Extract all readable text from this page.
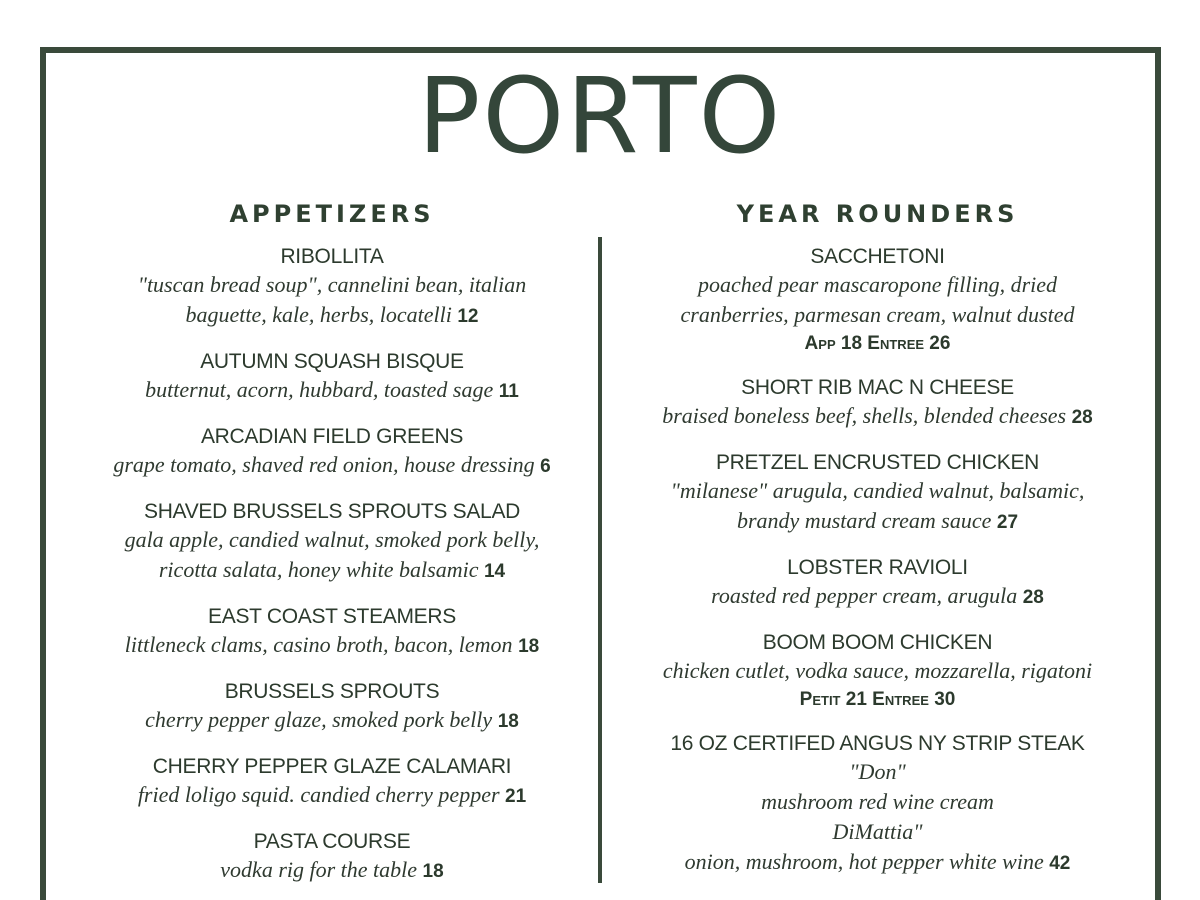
PORTO
APPETIZERS
RIBOLLITA
"tuscan bread soup", cannelini bean, italian
baguette, kale, herbs, locatelli 12
AUTUMN SQUASH BISQUE
butternut, acorn, hubbard, toasted sage 11
ARCADIAN FIELD GREENS
grape tomato, shaved red onion, house dressing 6
SHAVED BRUSSELS SPROUTS SALAD
gala apple, candied walnut, smoked pork belly,
ricotta salata, honey white balsamic 14
EAST COAST STEAMERS
littleneck clams, casino broth, bacon, lemon 18
BRUSSELS SPROUTS
cherry pepper glaze, smoked pork belly 18
CHERRY PEPPER GLAZE CALAMARI
fried loligo squid. candied cherry pepper 21
PASTA COURSE
vodka rig for the table 18
YEAR ROUNDERS
SACCHETONI
poached pear mascaropone filling, dried
cranberries, parmesan cream, walnut dusted
App 18 Entree 26
SHORT RIB MAC N CHEESE
braised boneless beef, shells, blended cheeses 28
PRETZEL ENCRUSTED CHICKEN
"milanese" arugula, candied walnut, balsamic,
brandy mustard cream sauce 27
LOBSTER RAVIOLI
roasted red pepper cream, arugula 28
BOOM BOOM CHICKEN
chicken cutlet, vodka sauce, mozzarella, rigatoni
Petit 21 Entree 30
16 OZ CERTIFED ANGUS NY STRIP STEAK
"Don"
mushroom red wine cream
DiMattia"
onion, mushroom, hot pepper white wine 42
